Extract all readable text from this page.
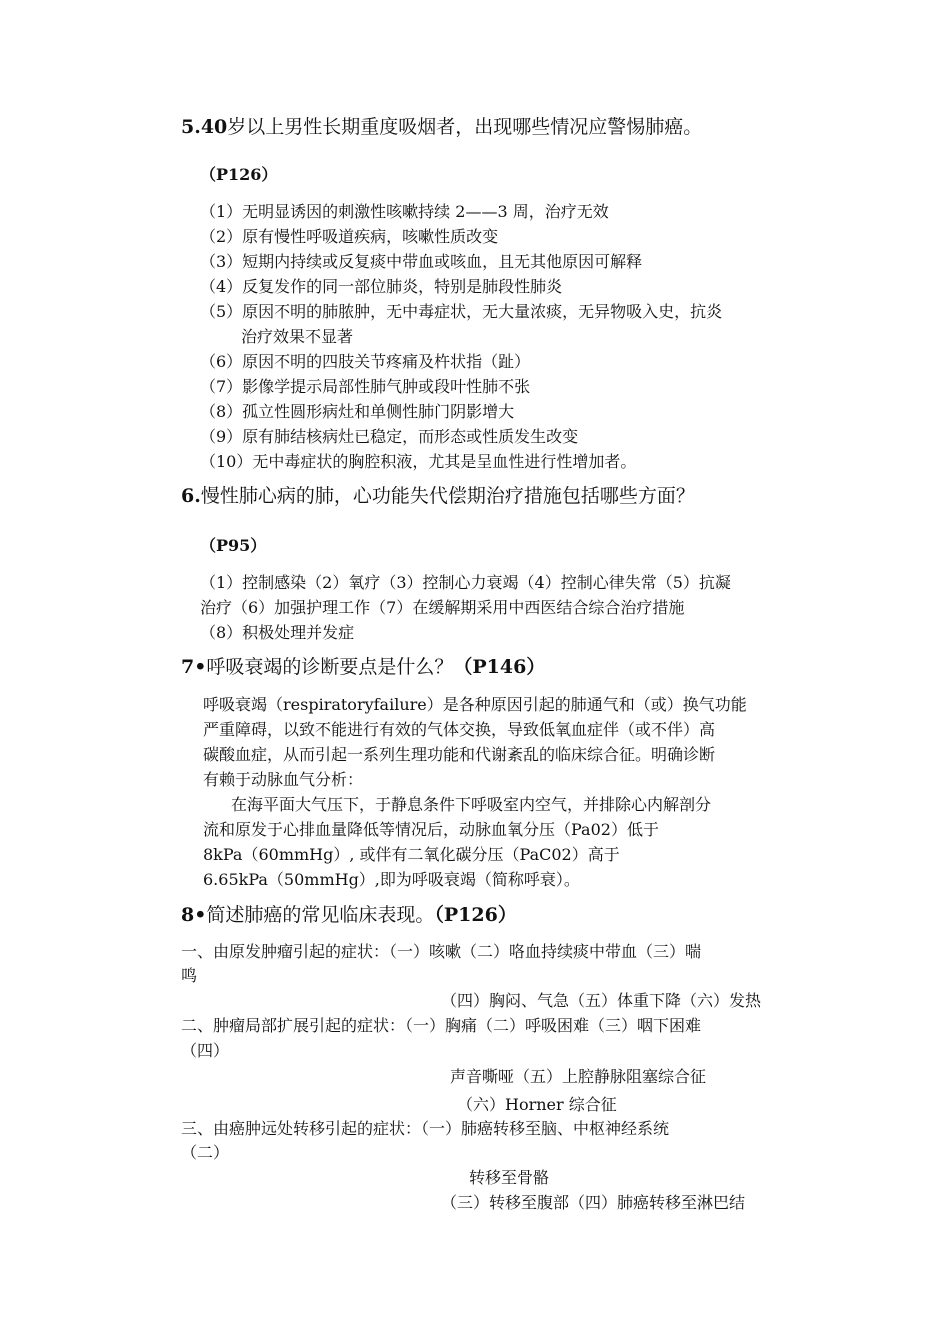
5.40岁以上男性长期重度吸烟者，出现哪些情况应警惕肺癌。
（P126）
（1）无明显诱因的刺激性咳嗽持续 2——3 周，治疗无效
（2）原有慢性呼吸道疾病，咳嗽性质改变
（3）短期内持续或反复痰中带血或咳血，且无其他原因可解释
（4）反复发作的同一部位肺炎，特别是肺段性肺炎
（5）原因不明的肺脓肿，无中毒症状，无大量浓痰，无异物吸入史，抗炎
治疗效果不显著
（6）原因不明的四肢关节疼痛及杵状指（趾）
（7）影像学提示局部性肺气肿或段叶性肺不张
（8）孤立性圆形病灶和单侧性肺门阴影增大
（9）原有肺结核病灶已稳定，而形态或性质发生改变
（10）无中毒症状的胸腔积液，尤其是呈血性进行性增加者。
6.慢性肺心病的肺，心功能失代偿期治疗措施包括哪些方面？
（P95）
（1）控制感染（2）氧疗（3）控制心力衰竭（4）控制心律失常（5）抗凝
治疗（6）加强护理工作（7）在缓解期采用中西医结合综合治疗措施
（8）积极处理并发症
7•呼吸衰竭的诊断要点是什么？（P146）
呼吸衰竭（respiratoryfailure）是各种原因引起的肺通气和（或）换气功能
严重障碍，以致不能进行有效的气体交换，导致低氧血症伴（或不伴）高
碳酸血症，从而引起一系列生理功能和代谢紊乱的临床综合征。明确诊断
有赖于动脉血气分析：
在海平面大气压下，于静息条件下呼吸室内空气，并排除心内解剖分
流和原发于心排血量降低等情况后，动脉血氧分压（Pa02）低于
8kPa（60mmHg）, 或伴有二氧化碳分压（PaC02）高于
6.65kPa（50mmHg）,即为呼吸衰竭（简称呼衰）。
8•简述肺癌的常见临床表现。（P126）
一、由原发肿瘤引起的症状：（一）咳嗽（二）咯血持续痰中带血（三）喘
鸣
（四）胸闷、气急（五）体重下降（六）发热
二、肿瘤局部扩展引起的症状：（一）胸痛（二）呼吸困难（三）咽下困难
（四）
声音嘶哑（五）上腔静脉阻塞综合征
（六）Horner 综合征
三、由癌肿远处转移引起的症状：（一）肺癌转移至脑、中枢神经系统
（二）
转移至骨骼
（三）转移至腹部（四）肺癌转移至淋巴结
